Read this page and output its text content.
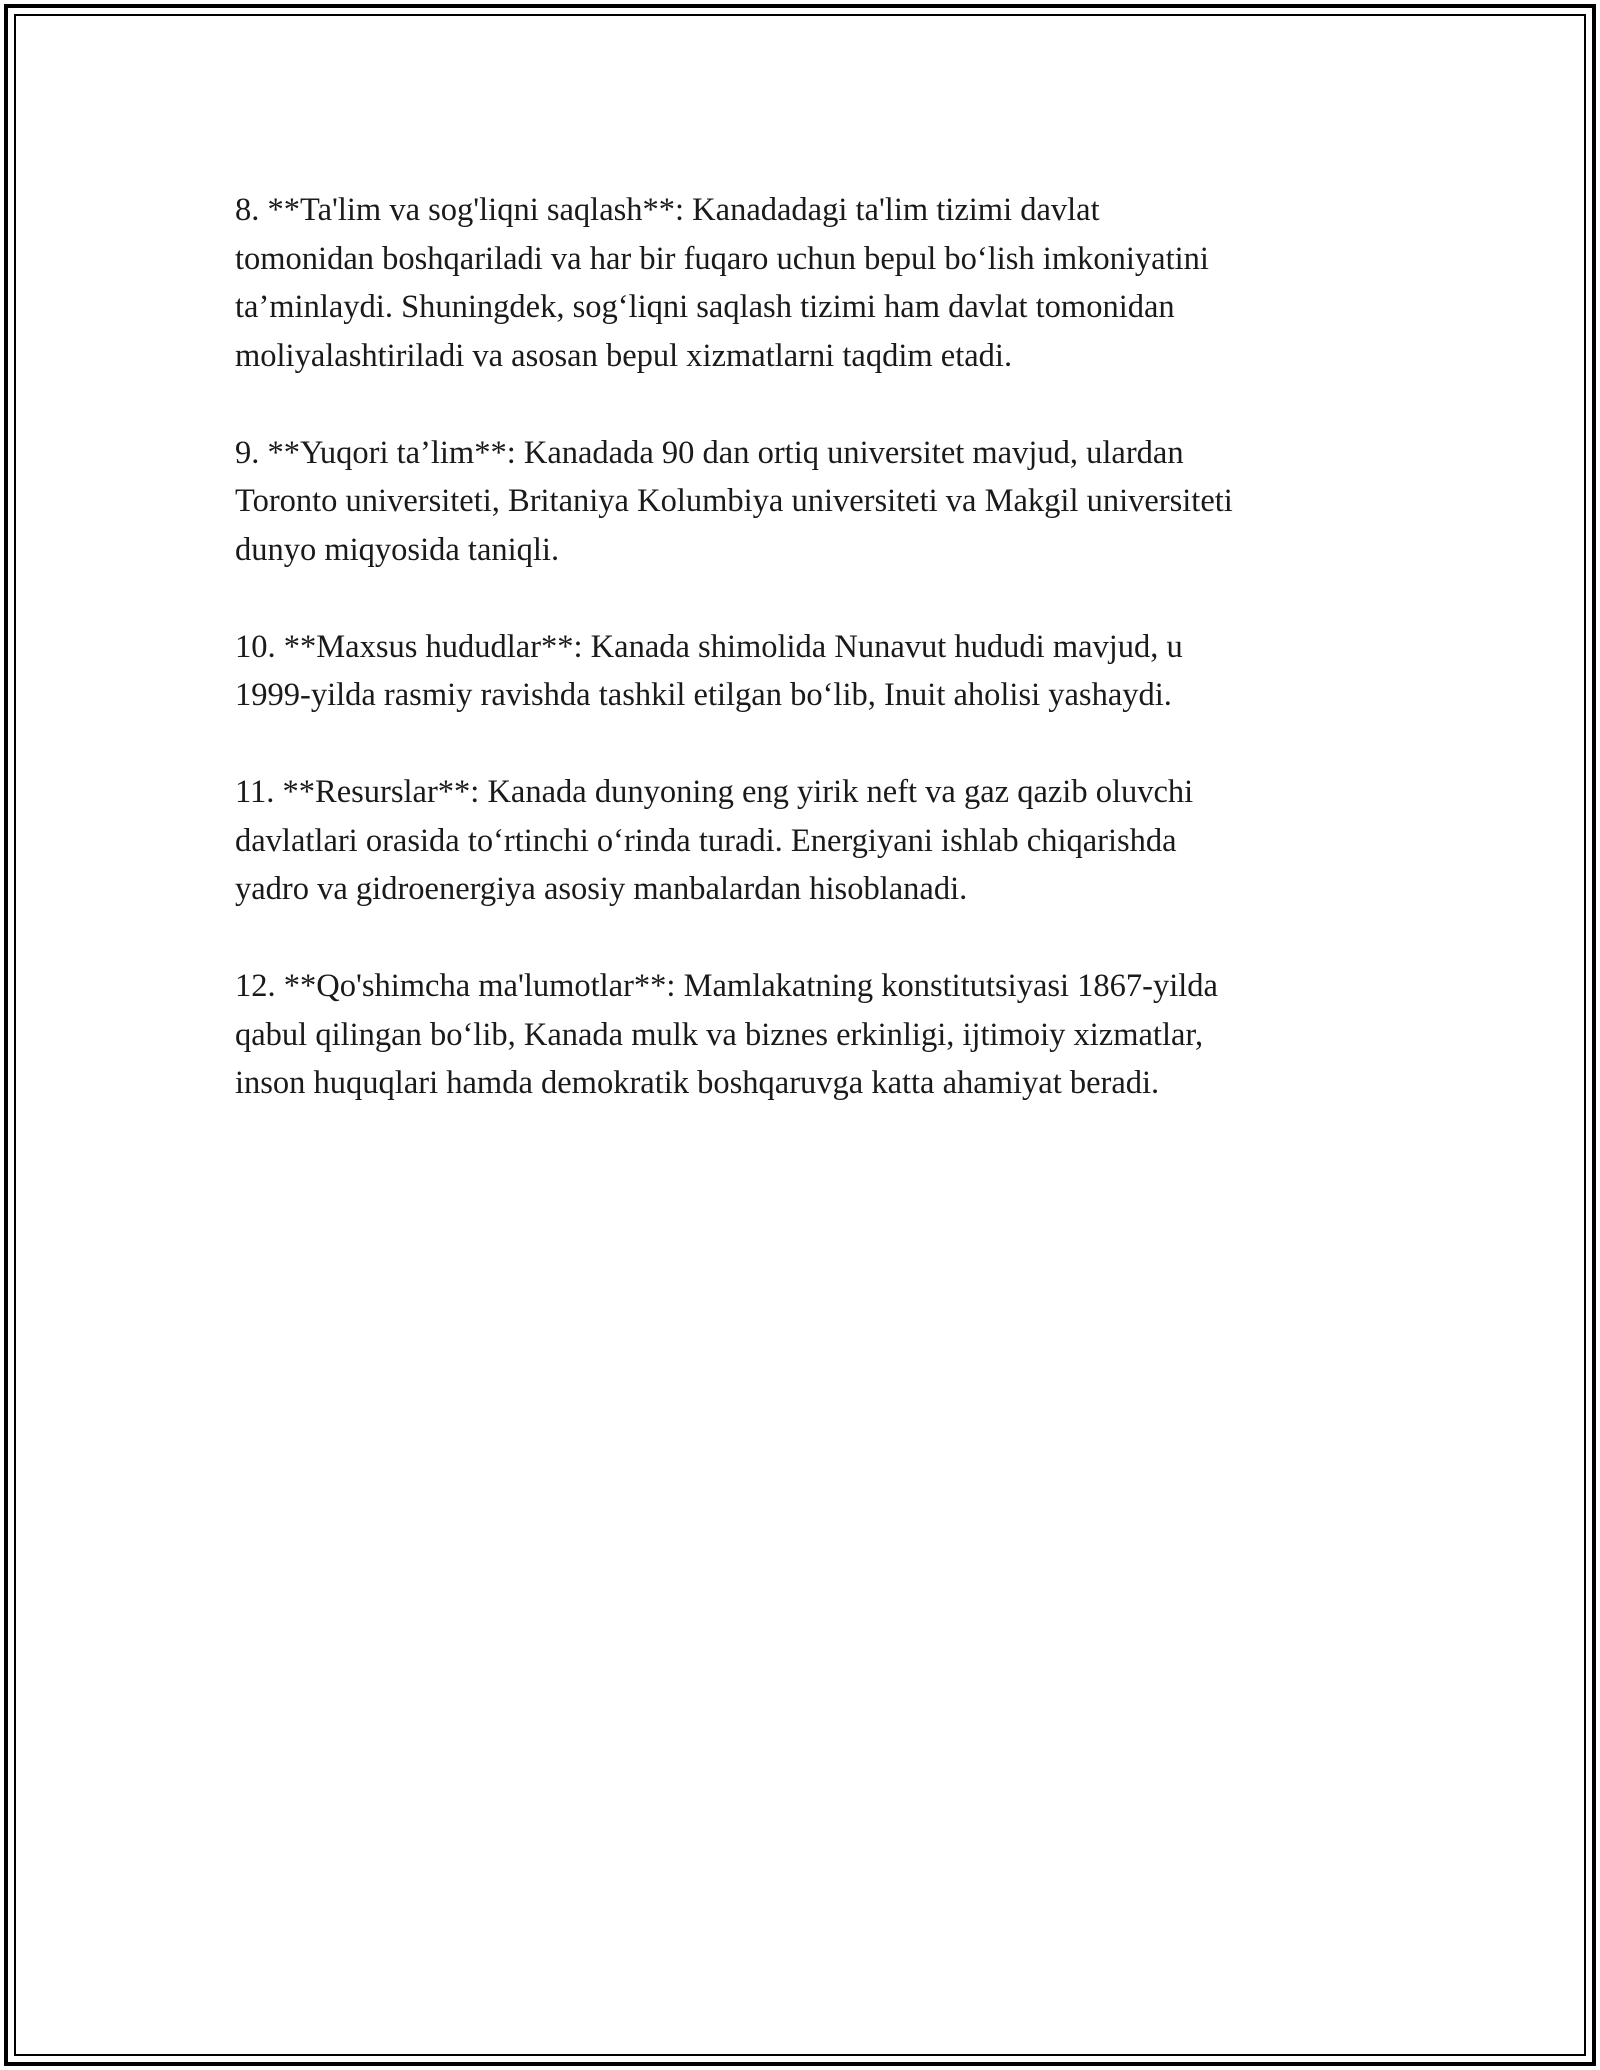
8. **Ta'lim va sog'liqni saqlash**: Kanadadagi ta'lim tizimi davlat
tomonidan boshqariladi va har bir fuqaro uchun bepul bo‘lish imkoniyatini
ta’minlaydi. Shuningdek, sog‘liqni saqlash tizimi ham davlat tomonidan
moliyalashtiriladi va asosan bepul xizmatlarni taqdim etadi.

9. **Yuqori ta’lim**: Kanadada 90 dan ortiq universitet mavjud, ulardan
Toronto universiteti, Britaniya Kolumbiya universiteti va Makgil universiteti
dunyo miqyosida taniqli.

10. **Maxsus hududlar**: Kanada shimolida Nunavut hududi mavjud, u
1999-yilda rasmiy ravishda tashkil etilgan bo‘lib, Inuit aholisi yashaydi.

11. **Resurslar**: Kanada dunyoning eng yirik neft va gaz qazib oluvchi
davlatlari orasida to‘rtinchi o‘rinda turadi. Energiyani ishlab chiqarishda
yadro va gidroenergiya asosiy manbalardan hisoblanadi.

12. **Qo'shimcha ma'lumotlar**: Mamlakatning konstitutsiyasi 1867-yilda
qabul qilingan bo‘lib, Kanada mulk va biznes erkinligi, ijtimoiy xizmatlar,
inson huquqlari hamda demokratik boshqaruvga katta ahamiyat beradi.
